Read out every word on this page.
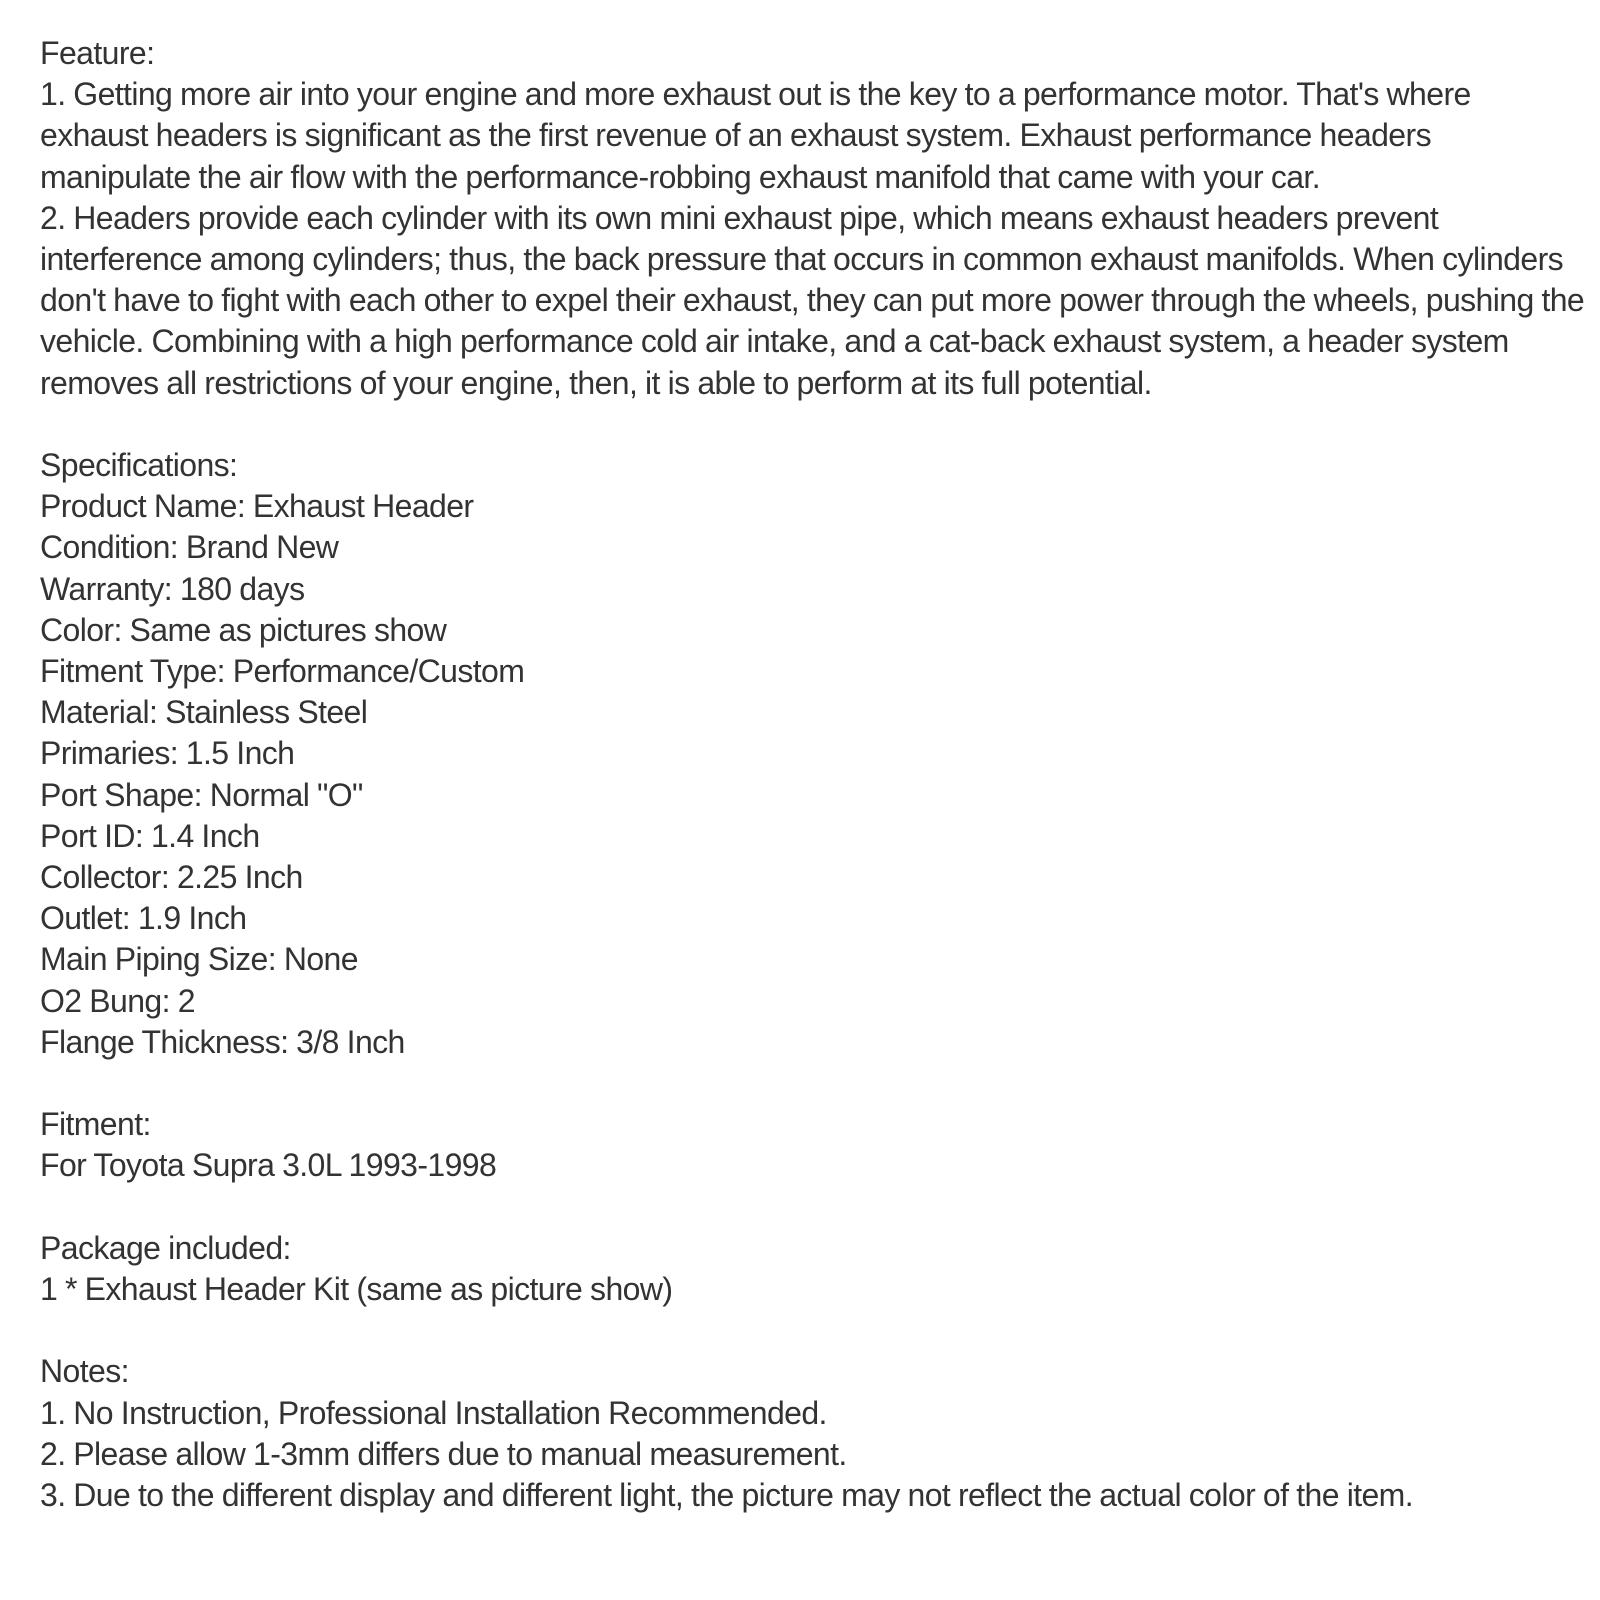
Feature:
1. Getting more air into your engine and more exhaust out is the key to a performance motor. That's where exhaust headers is significant as the first revenue of an exhaust system. Exhaust performance headers manipulate the air flow with the performance-robbing exhaust manifold that came with your car.
2. Headers provide each cylinder with its own mini exhaust pipe, which means exhaust headers prevent interference among cylinders; thus, the back pressure that occurs in common exhaust manifolds. When cylinders don't have to fight with each other to expel their exhaust, they can put more power through the wheels, pushing the vehicle. Combining with a high performance cold air intake, and a cat-back exhaust system, a header system removes all restrictions of your engine, then, it is able to perform at its full potential.
Specifications:
Product Name: Exhaust Header
Condition: Brand New
Warranty: 180 days
Color: Same as pictures show
Fitment Type: Performance/Custom
Material: Stainless Steel
Primaries: 1.5 Inch
Port Shape: Normal "O"
Port ID: 1.4 Inch
Collector: 2.25 Inch
Outlet: 1.9 Inch
Main Piping Size: None
O2 Bung: 2
Flange Thickness: 3/8 Inch
Fitment:
For Toyota Supra 3.0L 1993-1998
Package included:
1 * Exhaust Header Kit (same as picture show)
Notes:
1. No Instruction, Professional Installation Recommended.
2. Please allow 1-3mm differs due to manual measurement.
3. Due to the different display and different light, the picture may not reflect the actual color of the item.
